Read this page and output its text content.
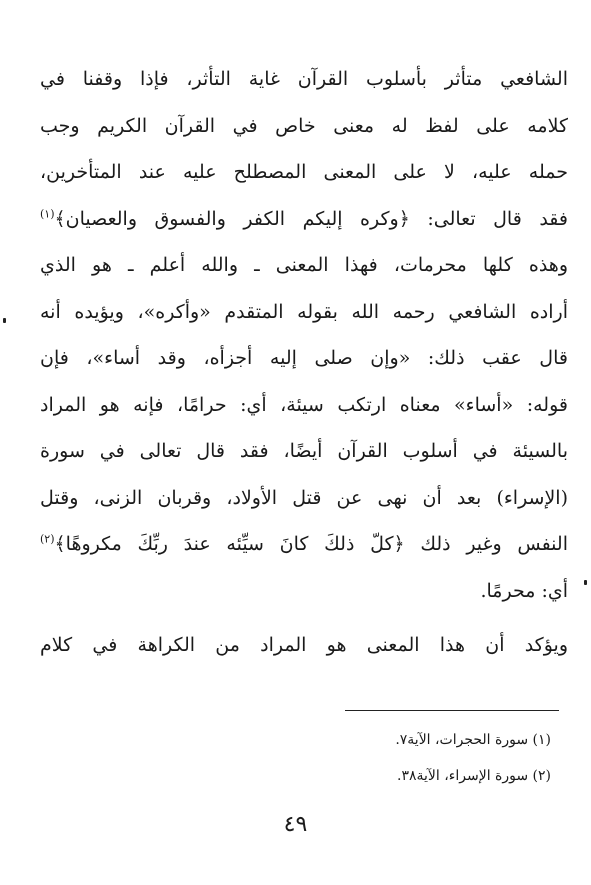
الشافعي متأثر بأسلوب القرآن غاية التأثر، فإذا وقفنا في
كلامه على لفظ له معنى خاص في القرآن الكريم وجب
حمله عليه، لا على المعنى المصطلح عليه عند المتأخرين،
فقد قال تعالى: ﴿وكره إليكم الكفر والفسوق والعصيان﴾$^{(١)}$
وهذه كلها محرمات، فهذا المعنى ـ والله أعلم ـ هو الذي
أراده الشافعي رحمه الله بقوله المتقدم «وأكره»، ويؤيده أنه
قال عقب ذلك: «وإن صلى إليه أجزأه، وقد أساء»، فإن
قوله: «أساء» معناه ارتكب سيئة، أي: حرامًا، فإنه هو المراد
بالسيئة في أسلوب القرآن أيضًا، فقد قال تعالى في سورة
(الإسراء) بعد أن نهى عن قتل الأولاد، وقربان الزنى، وقتل
النفس وغير ذلك ﴿كلّ ذلكَ كانَ سيِّئه عندَ ربِّكَ مكروهًا﴾$^{(٢)}$
أي: محرمًا.
ويؤكد أن هذا المعنى هو المراد من الكراهة في كلام
(١) سورة الحجرات، الآية٧.
(٢) سورة الإسراء، الآية٣٨.
٤٩
